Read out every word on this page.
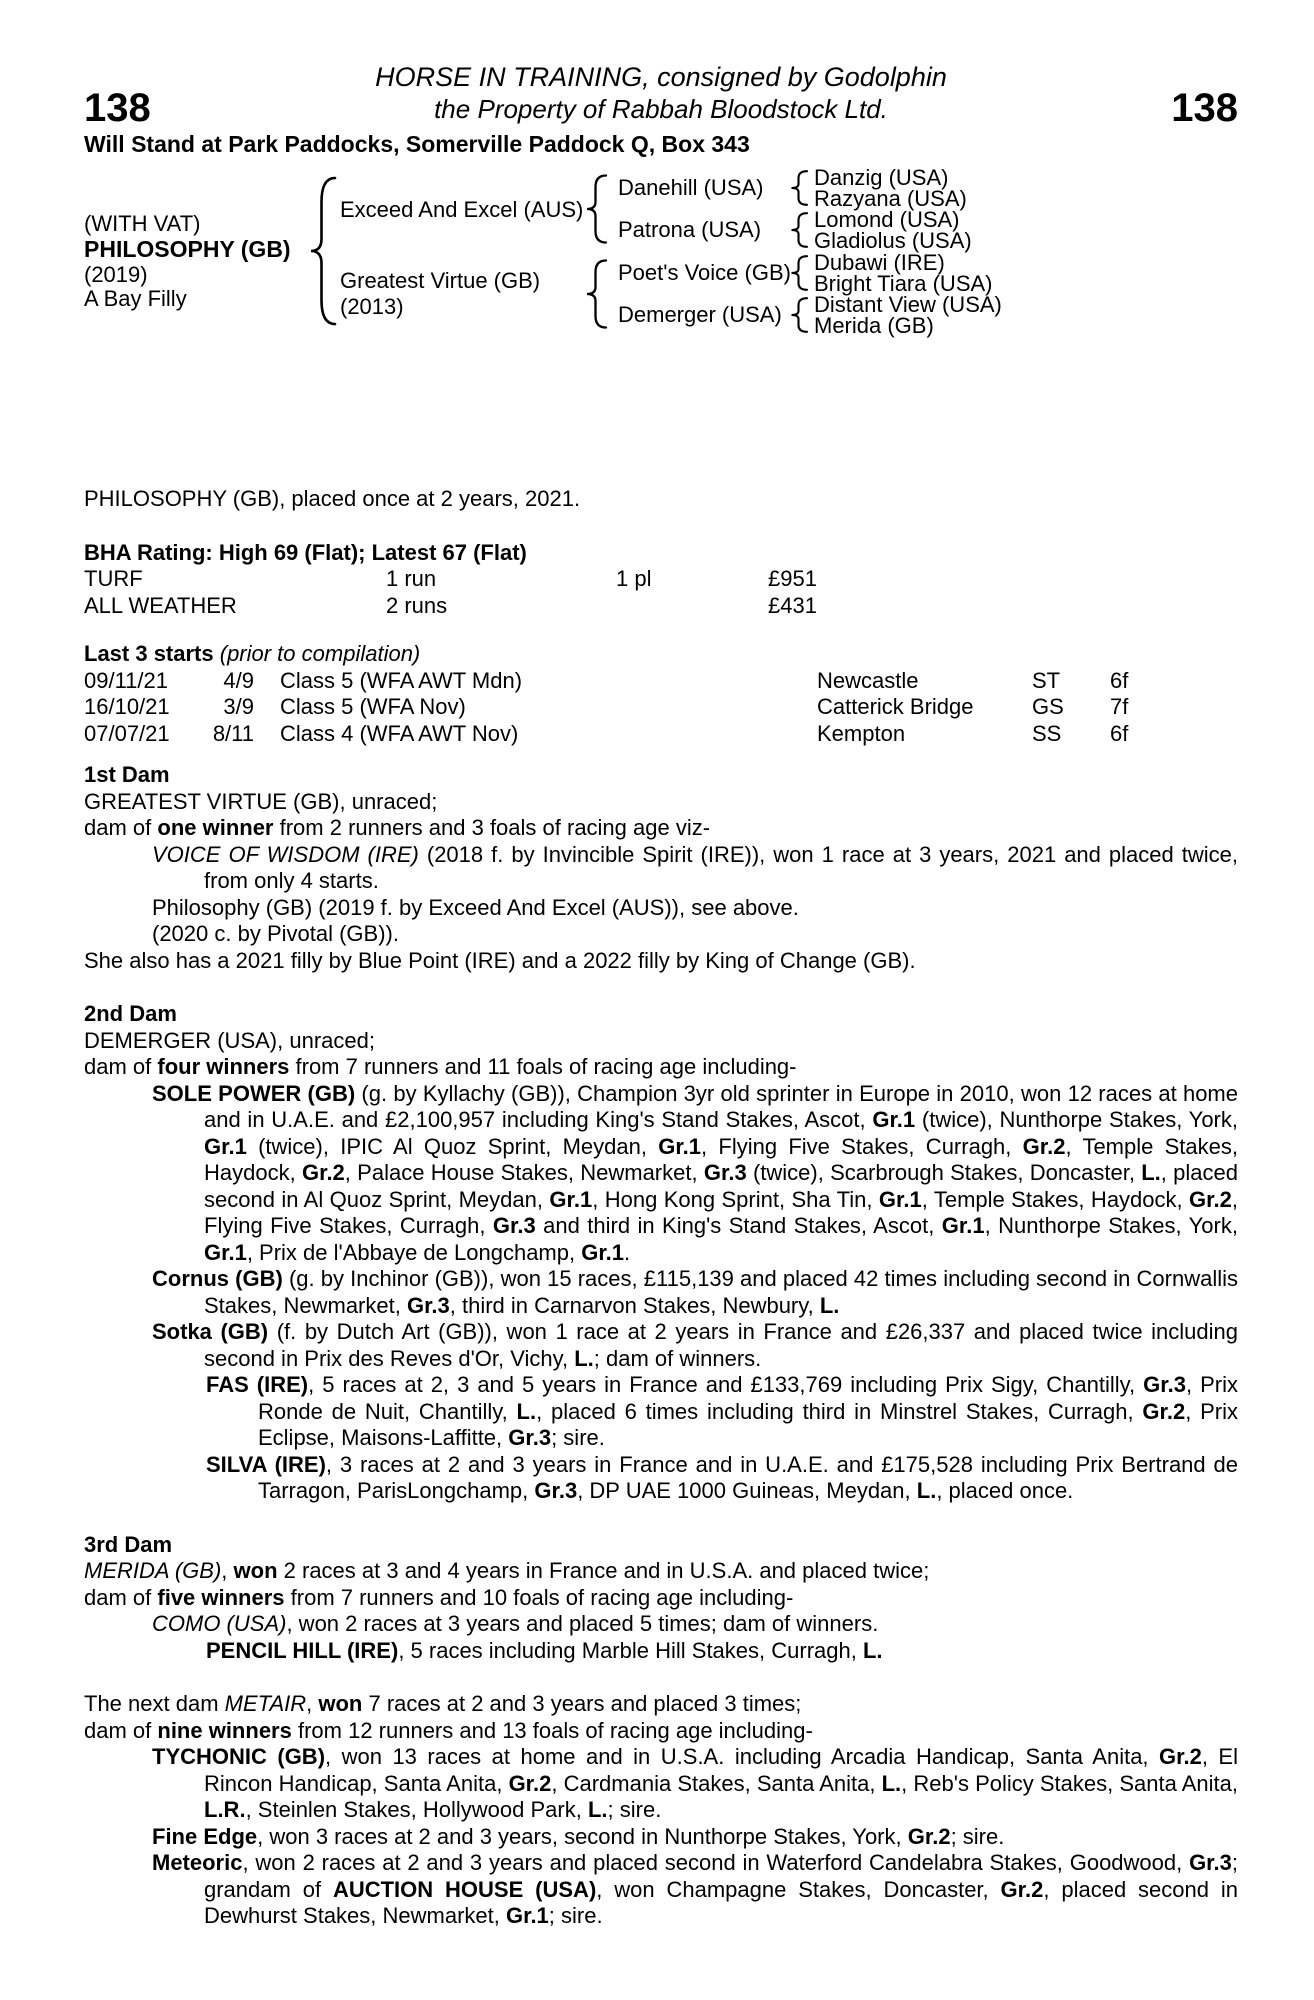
138	138
HORSE IN TRAINING, consigned by Godolphin
the Property of Rabbah Bloodstock Ltd.
Will Stand at Park Paddocks, Somerville Paddock Q, Box 343
(WITH VAT)
PHILOSOPHY (GB)
(2019)
A Bay Filly
Exceed And Excel (AUS)
Greatest Virtue (GB)
(2013)
Danehill (USA)
Patrona (USA)
Poet's Voice (GB)
Demerger (USA)
Danzig (USA)
Razyana (USA)
Lomond (USA)
Gladiolus (USA)
Dubawi (IRE)
Bright Tiara (USA)
Distant View (USA)
Merida (GB)

PHILOSOPHY (GB), placed once at 2 years, 2021.

BHA Rating: High 69 (Flat); Latest 67 (Flat)
TURF	1 run	1 pl	£951
ALL WEATHER	2 runs	£431
Last 3 starts (prior to compilation)
09/11/21	4/9 Class 5 (WFA AWT Mdn)	Newcastle	ST 6f
16/10/21	3/9 Class 5 (WFA Nov)	Catterick Bridge	GS 7f
07/07/21	8/11 Class 4 (WFA AWT Nov)	Kempton	SS 6f
1st Dam

GREATEST VIRTUE (GB), unraced;

dam of one winner from 2 runners and 3 foals of racing age viz-

VOICE OF WISDOM (IRE) (2018 f. by Invincible Spirit (IRE)), won 1 race at 3 years, 2021 and placed twice, from only 4 starts.

Philosophy (GB) (2019 f. by Exceed And Excel (AUS)), see above.

(2020 c. by Pivotal (GB)).

She also has a 2021 filly by Blue Point (IRE) and a 2022 filly by King of Change (GB).

2nd Dam

DEMERGER (USA), unraced;

dam of four winners from 7 runners and 11 foals of racing age including-

SOLE POWER (GB) (g. by Kyllachy (GB)), Champion 3yr old sprinter in Europe in 2010, won 12 races at home and in U.A.E. and £2,100,957 including King's Stand Stakes, Ascot, Gr.1 (twice), Nunthorpe Stakes, York, Gr.1 (twice), IPIC Al Quoz Sprint, Meydan, Gr.1, Flying Five Stakes, Curragh, Gr.2, Temple Stakes, Haydock, Gr.2, Palace House Stakes, Newmarket, Gr.3 (twice), Scarbrough Stakes, Doncaster, L., placed second in Al Quoz Sprint, Meydan, Gr.1, Hong Kong Sprint, Sha Tin, Gr.1, Temple Stakes, Haydock, Gr.2, Flying Five Stakes, Curragh, Gr.3 and third in King's Stand Stakes, Ascot, Gr.1, Nunthorpe Stakes, York, Gr.1, Prix de l'Abbaye de Longchamp, Gr.1.

Cornus (GB) (g. by Inchinor (GB)), won 15 races, £115,139 and placed 42 times including second in Cornwallis Stakes, Newmarket, Gr.3, third in Carnarvon Stakes, Newbury, L.

Sotka (GB) (f. by Dutch Art (GB)), won 1 race at 2 years in France and £26,337 and placed twice including second in Prix des Reves d'Or, Vichy, L.; dam of winners.

FAS (IRE), 5 races at 2, 3 and 5 years in France and £133,769 including Prix Sigy, Chantilly, Gr.3, Prix Ronde de Nuit, Chantilly, L., placed 6 times including third in Minstrel Stakes, Curragh, Gr.2, Prix Eclipse, Maisons-Laffitte, Gr.3; sire.

SILVA (IRE), 3 races at 2 and 3 years in France and in U.A.E. and £175,528 including Prix Bertrand de Tarragon, ParisLongchamp, Gr.3, DP UAE 1000 Guineas, Meydan, L., placed once.

3rd Dam

MERIDA (GB), won 2 races at 3 and 4 years in France and in U.S.A. and placed twice;

dam of five winners from 7 runners and 10 foals of racing age including-

COMO (USA), won 2 races at 3 years and placed 5 times; dam of winners.

PENCIL HILL (IRE), 5 races including Marble Hill Stakes, Curragh, L.

The next dam METAIR, won 7 races at 2 and 3 years and placed 3 times;

dam of nine winners from 12 runners and 13 foals of racing age including-

TYCHONIC (GB), won 13 races at home and in U.S.A. including Arcadia Handicap, Santa Anita, Gr.2, El Rincon Handicap, Santa Anita, Gr.2, Cardmania Stakes, Santa Anita, L., Reb's Policy Stakes, Santa Anita, L.R., Steinlen Stakes, Hollywood Park, L.; sire.

Fine Edge, won 3 races at 2 and 3 years, second in Nunthorpe Stakes, York, Gr.2; sire.

Meteoric, won 2 races at 2 and 3 years and placed second in Waterford Candelabra Stakes, Goodwood, Gr.3; grandam of AUCTION HOUSE (USA), won Champagne Stakes, Doncaster, Gr.2, placed second in Dewhurst Stakes, Newmarket, Gr.1; sire.
